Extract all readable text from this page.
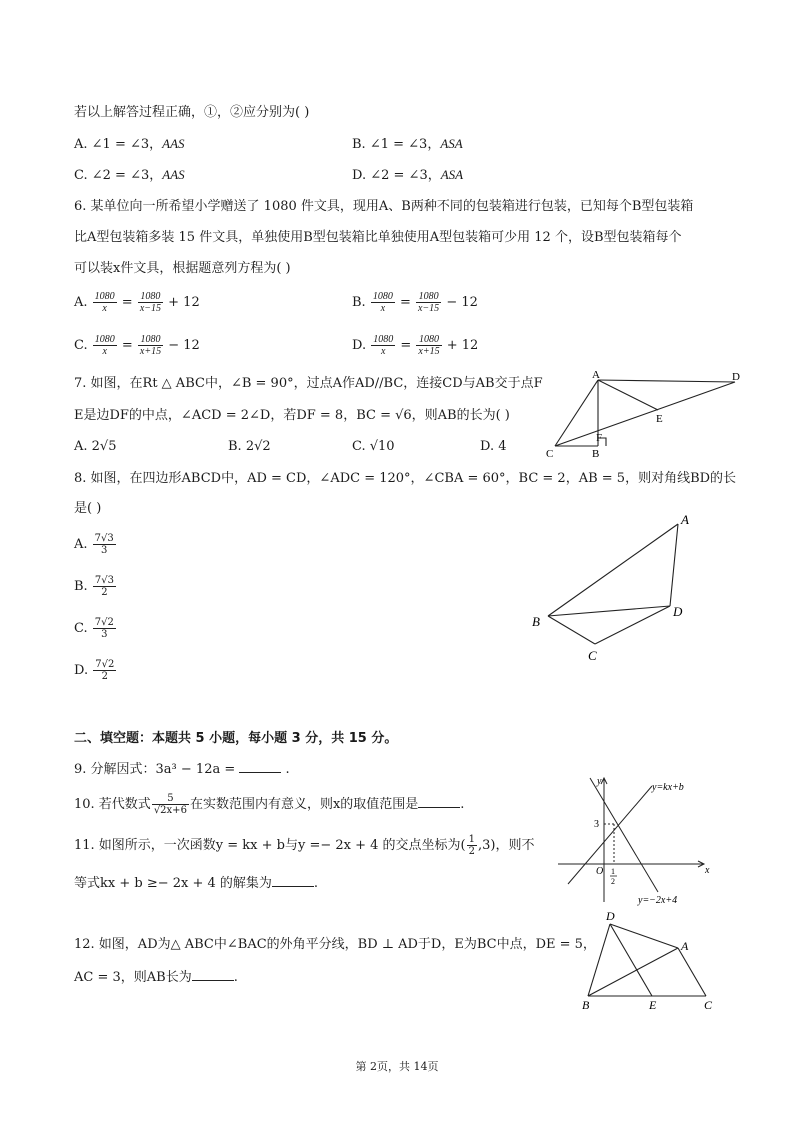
若以上解答过程正确，①，②应分别为( )
A. ∠1 = ∠3，AAS	B. ∠1 = ∠3，ASA
C. ∠2 = ∠3，AAS	D. ∠2 = ∠3，ASA
6. 某单位向一所希望小学赠送了 1080 件文具，现用A、B两种不同的包装箱进行包装，已知每个B型包装箱
比A型包装箱多装 15 件文具，单独使用B型包装箱比单独使用A型包装箱可少用 12 个，设B型包装箱每个
可以装x件文具，根据题意列方程为( )
A. $\frac{1080}{x} = \frac{1080}{x-15} + 12$	B. $\frac{1080}{x} = \frac{1080}{x-15} - 12$
C. $\frac{1080}{x} = \frac{1080}{x+15} - 12$	D. $\frac{1080}{x} = \frac{1080}{x+15} + 12$
7. 如图，在Rt △ ABC中，∠B = 90°，过点A作AD//BC，连接CD与AB交于点F
E是边DF的中点，∠ACD = 2∠D，若DF = 8，BC = √6，则AB的长为( )
A. 2√5	B. 2√2	C. √10	D. 4
A	D
E
F
C	B
8. 如图，在四边形ABCD中，AD = CD，∠ADC = 120°，∠CBA = 60°，BC = 2，AB = 5，则对角线BD的长
是( )
A. $\frac{7√3}{3}$
B. $\frac{7√3}{2}$
C. $\frac{7√2}{3}$
D. $\frac{7√2}{2}$
A
B
C
D
二、填空题：本题共 5 小题，每小题 3 分，共 15 分。
9. 分解因式：3a³ − 12a =	.
10. 若代数式 $\frac{5}{√2x+6}$ 在实数范围内有意义，则x的取值范围是	.
11. 如图所示，一次函数y = kx + b与y =− 2x + 4 的交点坐标为( $\frac{1}{2} ,3$)，则不
等式kx + b ≥− 2x + 4 的解集为	.
y
x
O
3
y=kx+b
y=−2x+4
1
2
12. 如图，AD为△ ABC中∠BAC的外角平分线，BD ⊥ AD于D，E为BC中点，DE = 5，
AC = 3，则AB长为	.
D
A
B	E	C
第 2页，共 14页
